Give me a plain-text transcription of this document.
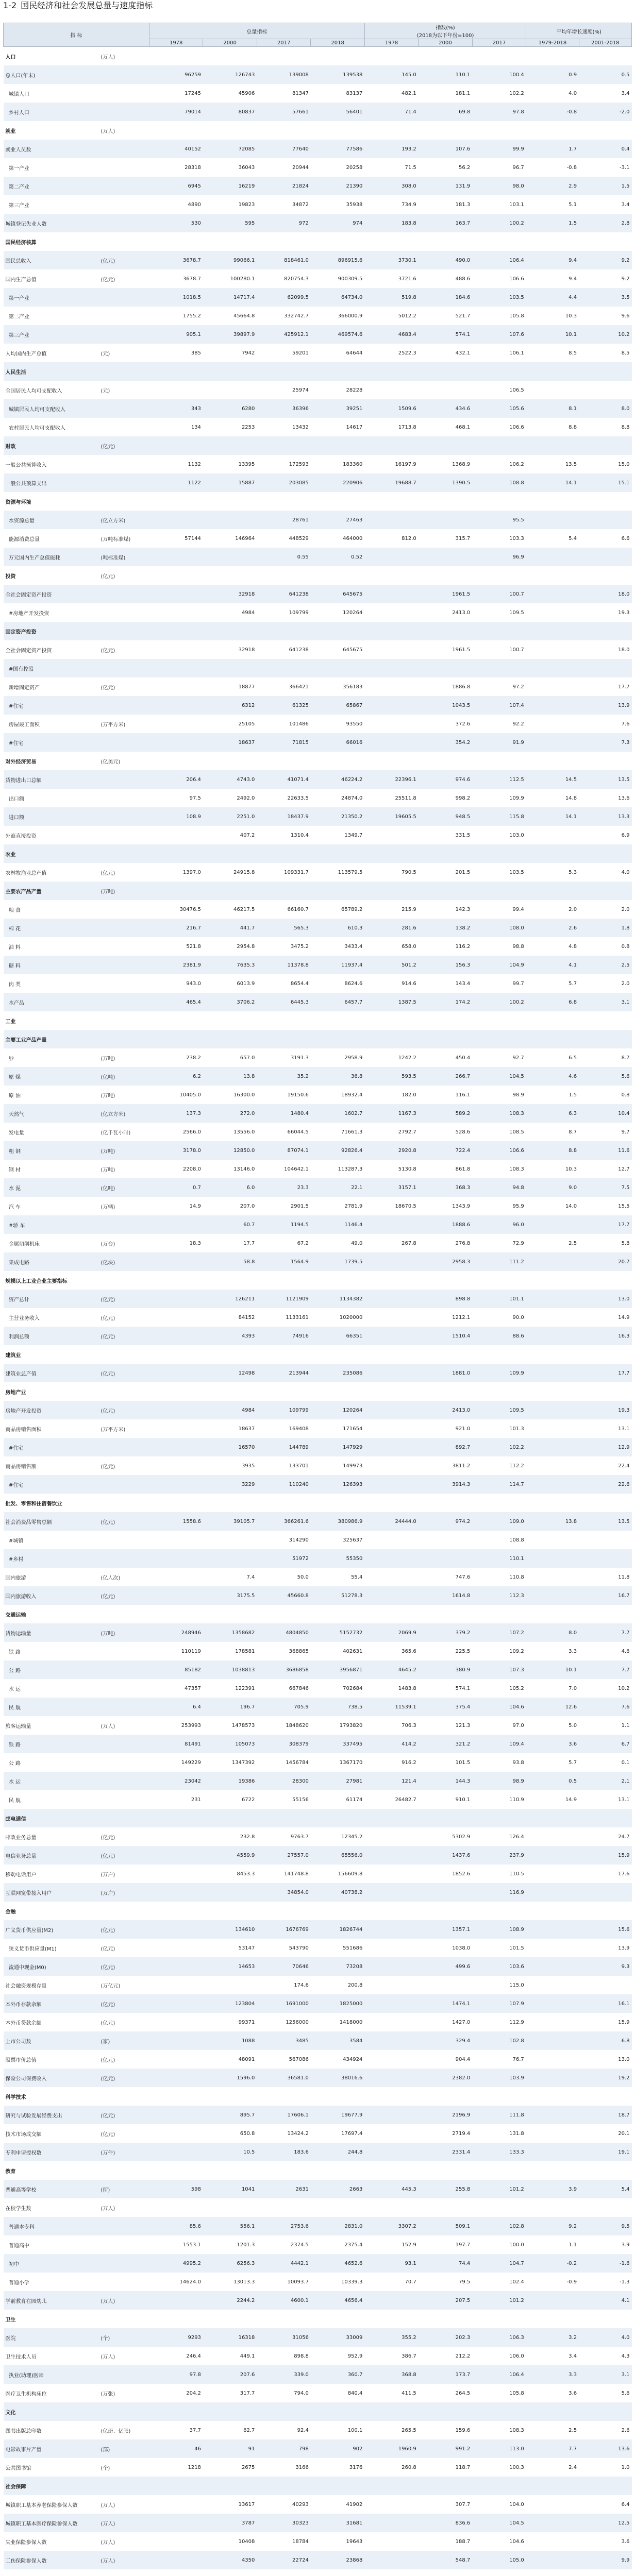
1-2 国民经济和社会发展总量与速度指标
指 标		总量指标				指数(%)
(2018为以下年份=100)			平均年增长速度(%)	
		1978	2000	2017	2018	1978	2000	2017	1979-2018	2001-2018
人口	(万人)									
总人口(年末)		96259	126743	139008	139538	145.0	110.1	100.4	0.9	0.5
城镇人口		17245	45906	81347	83137	482.1	181.1	102.2	4.0	3.4
乡村人口		79014	80837	57661	56401	71.4	69.8	97.8	-0.8	-2.0
就业	(万人)									
就业人员数		40152	72085	77640	77586	193.2	107.6	99.9	1.7	0.4
第一产业		28318	36043	20944	20258	71.5	56.2	96.7	-0.8	-3.1
第二产业		6945	16219	21824	21390	308.0	131.9	98.0	2.9	1.5
第三产业		4890	19823	34872	35938	734.9	181.3	103.1	5.1	3.4
城镇登记失业人数		530	595	972	974	183.8	163.7	100.2	1.5	2.8
国民经济核算										
国民总收入	(亿元)	3678.7	99066.1	818461.0	896915.6	3730.1	490.0	106.4	9.4	9.2
国内生产总值	(亿元)	3678.7	100280.1	820754.3	900309.5	3721.6	488.6	106.6	9.4	9.2
第一产业		1018.5	14717.4	62099.5	64734.0	519.8	184.6	103.5	4.4	3.5
第二产业		1755.2	45664.8	332742.7	366000.9	5012.2	521.7	105.8	10.3	9.6
第三产业		905.1	39897.9	425912.1	469574.6	4683.4	574.1	107.6	10.1	10.2
人均国内生产总值	(元)	385	7942	59201	64644	2522.3	432.1	106.1	8.5	8.5
人民生活										
全国居民人均可支配收入	(元)			25974	28228			106.5		
城镇居民人均可支配收入		343	6280	36396	39251	1509.6	434.6	105.6	8.1	8.0
农村居民人均可支配收入		134	2253	13432	14617	1713.8	468.1	106.6	8.8	8.8
财政	(亿元)									
一般公共预算收入		1132	13395	172593	183360	16197.9	1368.9	106.2	13.5	15.0
一般公共预算支出		1122	15887	203085	220906	19688.7	1390.5	108.8	14.1	15.1
资源与环境										
水资源总量	(亿立方米)			28761	27463			95.5		
能源消费总量	(万吨标准煤)	57144	146964	448529	464000	812.0	315.7	103.3	5.4	6.6
万元国内生产总值能耗	(吨标准煤)			0.55	0.52			96.9		
投资	(亿元)									
全社会固定资产投资			32918	641238	645675		1961.5	100.7		18.0
#房地产开发投资			4984	109799	120264		2413.0	109.5		19.3
固定资产投资										
全社会固定资产投资	(亿元)		32918	641238	645675		1961.5	100.7		18.0
#国有控股										
新增固定资产	(亿元)		18877	366421	356183		1886.8	97.2		17.7
#住宅			6312	61325	65867		1043.5	107.4		13.9
房屋竣工面积	(万平方米)		25105	101486	93550		372.6	92.2		7.6
#住宅			18637	71815	66016		354.2	91.9		7.3
对外经济贸易	(亿美元)									
货物进出口总额		206.4	4743.0	41071.4	46224.2	22396.1	974.6	112.5	14.5	13.5
出口额		97.5	2492.0	22633.5	24874.0	25511.8	998.2	109.9	14.8	13.6
进口额		108.9	2251.0	18437.9	21350.2	19605.5	948.5	115.8	14.1	13.3
外商直接投资			407.2	1310.4	1349.7		331.5	103.0		6.9
农业										
农林牧渔业总产值	(亿元)	1397.0	24915.8	109331.7	113579.5	790.5	201.5	103.5	5.3	4.0
主要农产品产量	(万吨)									
粮 食		30476.5	46217.5	66160.7	65789.2	215.9	142.3	99.4	2.0	2.0
棉 花		216.7	441.7	565.3	610.3	281.6	138.2	108.0	2.6	1.8
油 料		521.8	2954.8	3475.2	3433.4	658.0	116.2	98.8	4.8	0.8
糖 料		2381.9	7635.3	11378.8	11937.4	501.2	156.3	104.9	4.1	2.5
肉 类		943.0	6013.9	8654.4	8624.6	914.6	143.4	99.7	5.7	2.0
水产品		465.4	3706.2	6445.3	6457.7	1387.5	174.2	100.2	6.8	3.1
工业										
主要工业产品产量										
纱	(万吨)	238.2	657.0	3191.3	2958.9	1242.2	450.4	92.7	6.5	8.7
原 煤	(亿吨)	6.2	13.8	35.2	36.8	593.5	266.7	104.5	4.6	5.6
原 油	(万吨)	10405.0	16300.0	19150.6	18932.4	182.0	116.1	98.9	1.5	0.8
天然气	(亿立方米)	137.3	272.0	1480.4	1602.7	1167.3	589.2	108.3	6.3	10.4
发电量	(亿千瓦小时)	2566.0	13556.0	66044.5	71661.3	2792.7	528.6	108.5	8.7	9.7
粗 钢	(万吨)	3178.0	12850.0	87074.1	92826.4	2920.8	722.4	106.6	8.8	11.6
钢 材	(万吨)	2208.0	13146.0	104642.1	113287.3	5130.8	861.8	108.3	10.3	12.7
水 泥	(亿吨)	0.7	6.0	23.3	22.1	3157.1	368.3	94.8	9.0	7.5
汽 车	(万辆)	14.9	207.0	2901.5	2781.9	18670.5	1343.9	95.9	14.0	15.5
#轿 车			60.7	1194.5	1146.4		1888.6	96.0		17.7
金属切削机床	(万台)	18.3	17.7	67.2	49.0	267.8	276.8	72.9	2.5	5.8
集成电路	(亿块)		58.8	1564.9	1739.5		2958.3	111.2		20.7
规模以上工业企业主要指标										
资产总计	(亿元)		126211	1121909	1134382		898.8	101.1		13.0
主营业务收入	(亿元)		84152	1133161	1020000		1212.1	90.0		14.9
利润总额	(亿元)		4393	74916	66351		1510.4	88.6		16.3
建筑业										
建筑业总产值	(亿元)		12498	213944	235086		1881.0	109.9		17.7
房地产业										
房地产开发投资	(亿元)		4984	109799	120264		2413.0	109.5		19.3
商品房销售面积	(万平方米)		18637	169408	171654		921.0	101.3		13.1
#住宅			16570	144789	147929		892.7	102.2		12.9
商品房销售额	(亿元)		3935	133701	149973		3811.2	112.2		22.4
#住宅			3229	110240	126393		3914.3	114.7		22.6
批发、零售和住宿餐饮业										
社会消费品零售总额	(亿元)	1558.6	39105.7	366261.6	380986.9	24444.0	974.2	109.0	13.8	13.5
#城镇				314290	325637			108.8		
#乡村				51972	55350			110.1		
国内旅游	(亿人次)		7.4	50.0	55.4		747.6	110.8		11.8
国内旅游收入	(亿元)		3175.5	45660.8	51278.3		1614.8	112.3		16.7
交通运输										
货物运输量	(万吨)	248946	1358682	4804850	5152732	2069.9	379.2	107.2	8.0	7.7
铁 路		110119	178581	368865	402631	365.6	225.5	109.2	3.3	4.6
公 路		85182	1038813	3686858	3956871	4645.2	380.9	107.3	10.1	7.7
水 运		47357	122391	667846	702684	1483.8	574.1	105.2	7.0	10.2
民 航		6.4	196.7	705.9	738.5	11539.1	375.4	104.6	12.6	7.6
旅客运输量	(万人)	253993	1478573	1848620	1793820	706.3	121.3	97.0	5.0	1.1
铁 路		81491	105073	308379	337495	414.2	321.2	109.4	3.6	6.7
公 路		149229	1347392	1456784	1367170	916.2	101.5	93.8	5.7	0.1
水 运		23042	19386	28300	27981	121.4	144.3	98.9	0.5	2.1
民 航		231	6722	55156	61174	26482.7	910.1	110.9	14.9	13.1
邮电通信										
邮政业务总量	(亿元)		232.8	9763.7	12345.2		5302.9	126.4		24.7
电信业务总量	(亿元)		4559.9	27557.0	65556.0		1437.6	237.9		15.9
移动电话用户	(万户)		8453.3	141748.8	156609.8		1852.6	110.5		17.6
互联网宽带接入用户	(万户)			34854.0	40738.2			116.9		
金融										
广义货币供应量(M2)	(亿元)		134610	1676769	1826744		1357.1	108.9		15.6
狭义货币供应量(M1)	(亿元)		53147	543790	551686		1038.0	101.5		13.9
流通中现金(M0)	(亿元)		14653	70646	73208		499.6	103.6		9.3
社会融资规模存量	(万亿元)			174.6	200.8			115.0		
本外币存款余额	(亿元)		123804	1691000	1825000		1474.1	107.9		16.1
本外币贷款余额	(亿元)		99371	1256000	1418000		1427.0	112.9		15.9
上市公司数	(家)		1088	3485	3584		329.4	102.8		6.8
股票市价总值	(亿元)		48091	567086	434924		904.4	76.7		13.0
保险公司保费收入	(亿元)		1596.0	36581.0	38016.6		2382.0	103.9		19.2
科学技术										
研究与试验发展经费支出	(亿元)		895.7	17606.1	19677.9		2196.9	111.8		18.7
技术市场成交额	(亿元)		650.8	13424.2	17697.4		2719.4	131.8		20.1
专利申请授权数	(万件)		10.5	183.6	244.8		2331.4	133.3		19.1
教育										
普通高等学校	(所)	598	1041	2631	2663	445.3	255.8	101.2	3.9	5.4
在校学生数	(万人)									
普通本专科		85.6	556.1	2753.6	2831.0	3307.2	509.1	102.8	9.2	9.5
普通高中		1553.1	1201.3	2374.5	2375.4	152.9	197.7	100.0	1.1	3.9
初中		4995.2	6256.3	4442.1	4652.6	93.1	74.4	104.7	-0.2	-1.6
普通小学		14624.0	13013.3	10093.7	10339.3	70.7	79.5	102.4	-0.9	-1.3
学前教育在园幼儿	(万人)		2244.2	4600.1	4656.4		207.5	101.2		4.1
卫生										
医院	(个)	9293	16318	31056	33009	355.2	202.3	106.3	3.2	4.0
卫生技术人员	(万人)	246.4	449.1	898.8	952.9	386.7	212.2	106.0	3.4	4.3
执业(助理)医师		97.8	207.6	339.0	360.7	368.8	173.7	106.4	3.3	3.1
医疗卫生机构床位	(万张)	204.2	317.7	794.0	840.4	411.5	264.5	105.8	3.6	5.6
文化										
图书出版总印数	(亿册、亿张)	37.7	62.7	92.4	100.1	265.5	159.6	108.3	2.5	2.6
电影故事片产量	(部)	46	91	798	902	1960.9	991.2	113.0	7.7	13.6
公共图书馆	(个)	1218	2675	3166	3176	260.8	118.7	100.3	2.4	1.0
社会保障										
城镇职工基本养老保险参保人数	(万人)		13617	40293	41902		307.7	104.0		6.4
城镇职工基本医疗保险参保人数	(万人)		3787	30323	31681		836.6	104.5		12.5
失业保险参保人数	(万人)		10408	18784	19643		188.7	104.6		3.6
工伤保险参保人数	(万人)		4350	22724	23868		548.7	105.0		9.9
